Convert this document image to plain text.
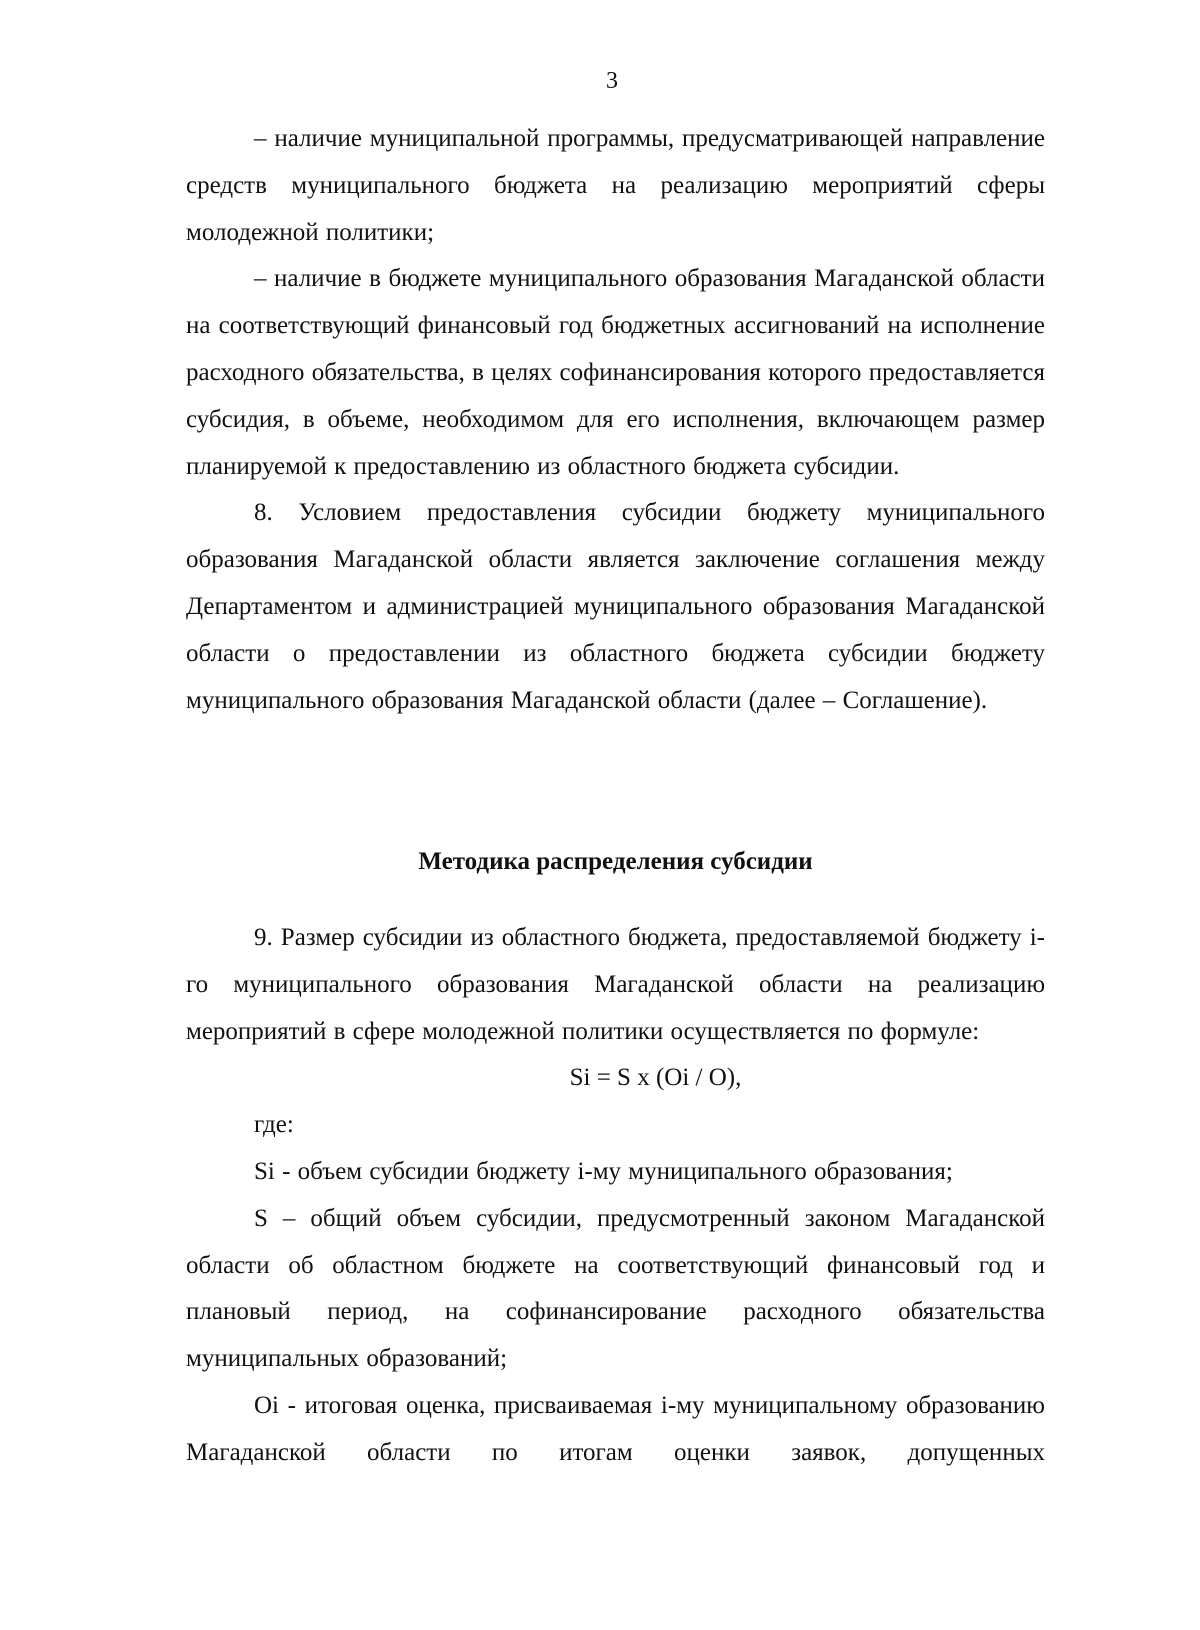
3

– наличие муниципальной программы, предусматривающей направление средств муниципального бюджета на реализацию мероприятий сферы молодежной политики;

– наличие в бюджете муниципального образования Магаданской области на соответствующий финансовый год бюджетных ассигнований на исполнение расходного обязательства, в целях софинансирования которого предоставляется субсидия, в объеме, необходимом для его исполнения, включающем размер планируемой к предоставлению из областного бюджета субсидии.

8. Условием предоставления субсидии бюджету муниципального образования Магаданской области является заключение соглашения между Департаментом и администрацией муниципального образования Магаданской области о предоставлении из областного бюджета субсидии бюджету муниципального образования Магаданской области (далее – Соглашение).

Методика распределения субсидии

9. Размер субсидии из областного бюджета, предоставляемой бюджету i-го муниципального образования Магаданской области на реализацию мероприятий в сфере молодежной политики осуществляется по формуле:

Si = S x (Oi / O),

где:

Si - объем субсидии бюджету i-му муниципального образования;

S – общий объем субсидии, предусмотренный законом Магаданской области об областном бюджете на соответствующий финансовый год и плановый период, на софинансирование расходного обязательства муниципальных образований;

Oi - итоговая оценка, присваиваемая i-му муниципальному образованию Магаданской области по итогам оценки заявок, допущенных
